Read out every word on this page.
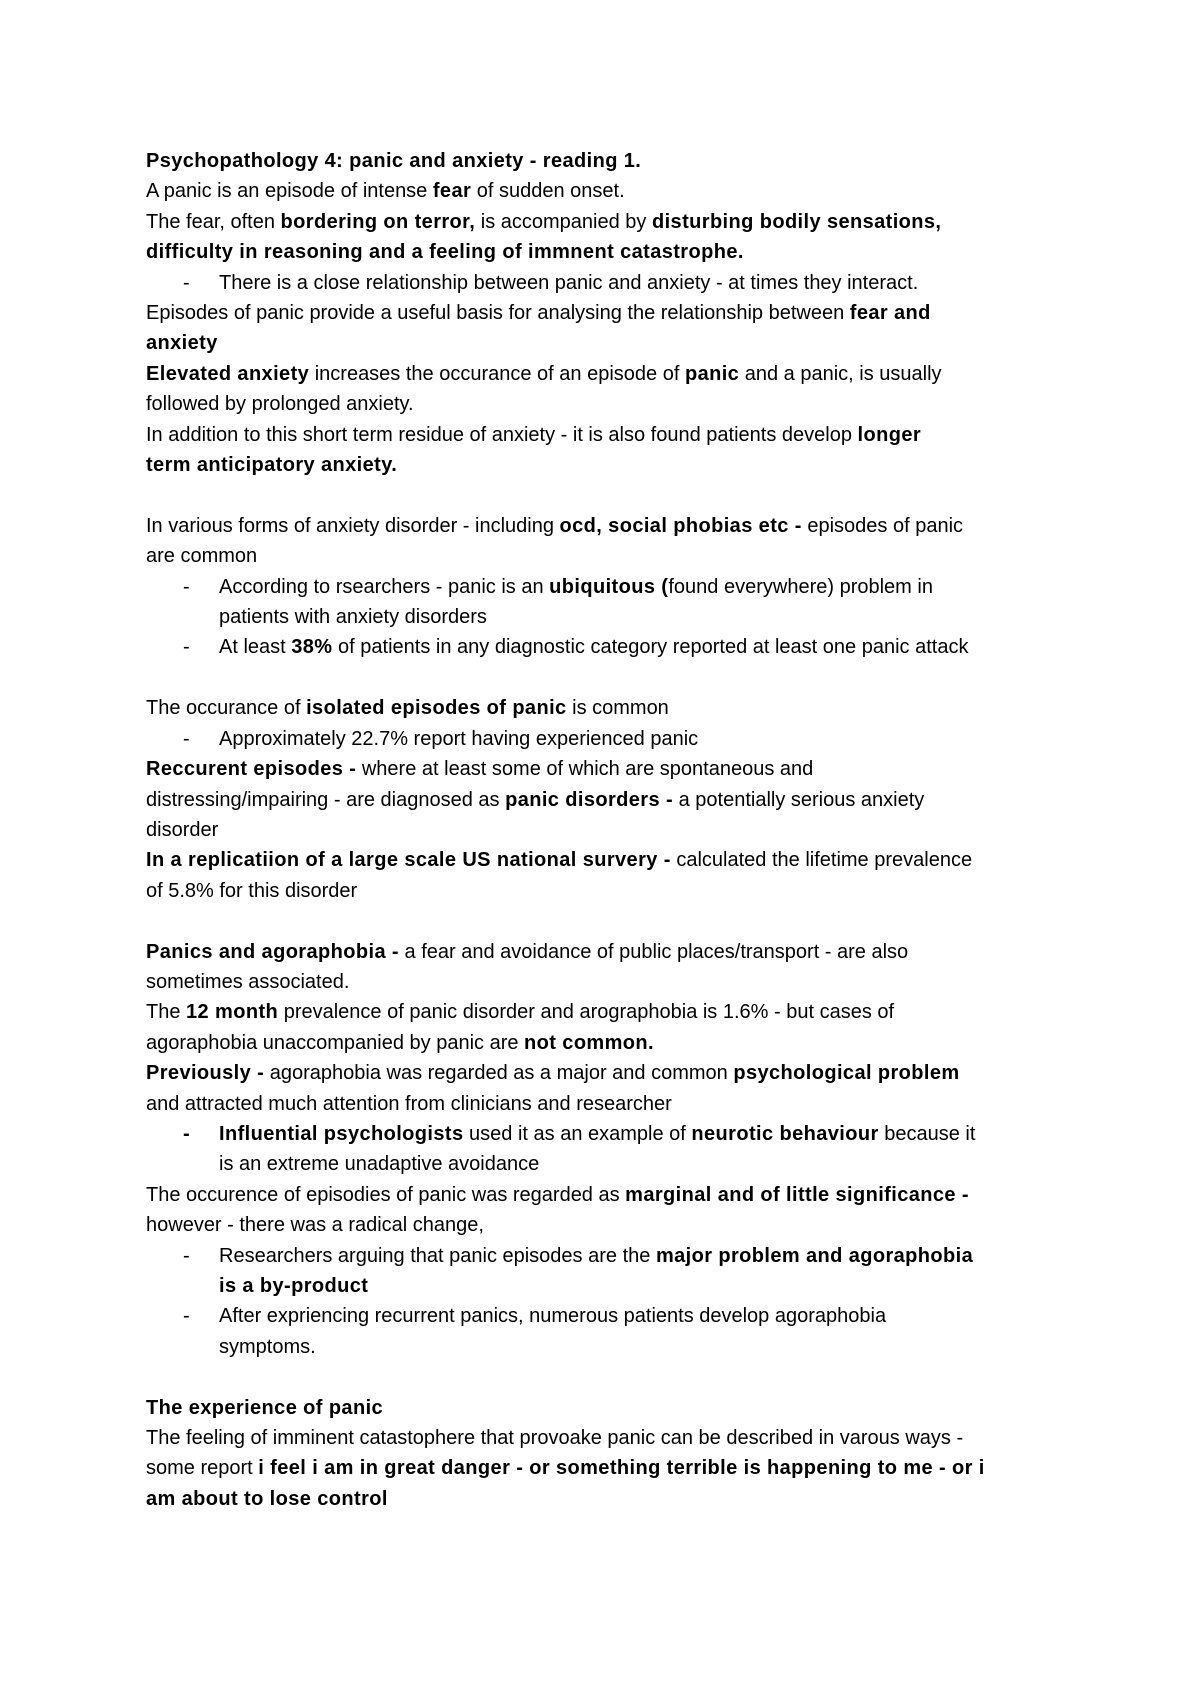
Psychopathology 4: panic and anxiety - reading 1.
A panic is an episode of intense fear of sudden onset.
The fear, often bordering on terror, is accompanied by disturbing bodily sensations,
difficulty in reasoning and a feeling of immnent catastrophe.
- There is a close relationship between panic and anxiety - at times they interact.
Episodes of panic provide a useful basis for analysing the relationship between fear and
anxiety
Elevated anxiety increases the occurance of an episode of panic and a panic, is usually
followed by prolonged anxiety.
In addition to this short term residue of anxiety - it is also found patients develop longer
term anticipatory anxiety.
In various forms of anxiety disorder - including ocd, social phobias etc - episodes of panic
are common
- According to rsearchers - panic is an ubiquitous (found everywhere) problem in
patients with anxiety disorders
- At least 38% of patients in any diagnostic category reported at least one panic attack
The occurance of isolated episodes of panic is common
- Approximately 22.7% report having experienced panic
Reccurent episodes - where at least some of which are spontaneous and
distressing/impairing - are diagnosed as panic disorders - a potentially serious anxiety
disorder
In a replicatiion of a large scale US national survery - calculated the lifetime prevalence
of 5.8% for this disorder
Panics and agoraphobia - a fear and avoidance of public places/transport - are also
sometimes associated.
The 12 month prevalence of panic disorder and arographobia is 1.6% - but cases of
agoraphobia unaccompanied by panic are not common.
Previously - agoraphobia was regarded as a major and common psychological problem
and attracted much attention from clinicians and researcher
- Influential psychologists used it as an example of neurotic behaviour because it
is an extreme unadaptive avoidance
The occurence of episodies of panic was regarded as marginal and of little significance -
however - there was a radical change,
- Researchers arguing that panic episodes are the major problem and agoraphobia
is a by-product
- After expriencing recurrent panics, numerous patients develop agoraphobia
symptoms.
The experience of panic
The feeling of imminent catastophere that provoake panic can be described in varous ways -
some report i feel i am in great danger - or something terrible is happening to me - or i
am about to lose control
